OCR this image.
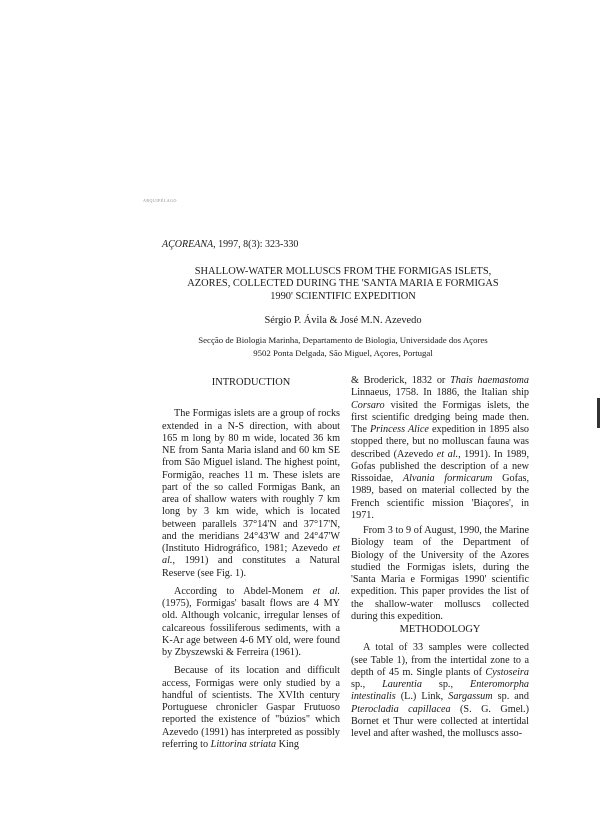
ARQUIPÉLAGO
AÇOREANA, 1997, 8(3): 323-330
SHALLOW-WATER MOLLUSCS FROM THE FORMIGAS ISLETS,
AZORES, COLLECTED DURING THE 'SANTA MARIA E FORMIGAS
1990' SCIENTIFIC EXPEDITION
Sérgio P. Ávila & José M.N. Azevedo
Secção de Biologia Marinha, Departamento de Biologia, Universidade dos Açores
9502 Ponta Delgada, São Miguel, Açores, Portugal
INTRODUCTION

The Formigas islets are a group of rocks extended in a N-S direction, with about 165 m long by 80 m wide, located 36 km NE from Santa Maria island and 60 km SE from São Miguel island. The highest point, Formigão, reaches 11 m. These islets are part of the so called Formigas Bank, an area of shallow waters with roughly 7 km long by 3 km wide, which is located between parallels 37°14'N and 37°17'N, and the meridians 24°43'W and 24°47'W (Instituto Hidrográfico, 1981; Azevedo et al., 1991) and constitutes a Natural Reserve (see Fig. 1).

According to Abdel-Monem et al. (1975), Formigas' basalt flows are 4 MY old. Although volcanic, irregular lenses of calcareous fossiliferous sediments, with a K-Ar age between 4-6 MY old, were found by Zbyszewski & Ferreira (1961).

Because of its location and difficult access, Formigas were only studied by a handful of scientists. The XVIth century Portuguese chronicler Gaspar Frutuoso reported the existence of "búzios" which Azevedo (1991) has interpreted as possibly referring to Littorina striata King

& Broderick, 1832 or Thais haemastoma Linnaeus, 1758. In 1886, the Italian ship Corsaro visited the Formigas islets, the first scientific dredging being made then. The Princess Alice expedition in 1895 also stopped there, but no molluscan fauna was described (Azevedo et al., 1991). In 1989, Gofas published the description of a new Rissoidae, Alvania formicarum Gofas, 1989, based on material collected by the French scientific mission 'Biaçores', in 1971.

From 3 to 9 of August, 1990, the Marine Biology team of the Department of Biology of the University of the Azores studied the Formigas islets, during the 'Santa Maria e Formigas 1990' scientific expedition. This paper provides the list of the shallow-water molluscs collected during this expedition.

METHODOLOGY

A total of 33 samples were collected (see Table 1), from the intertidal zone to a depth of 45 m. Single plants of Cystoseira sp., Laurentia sp., Enteromorpha intestinalis (L.) Link, Sargassum sp. and Pterocladia capillacea (S. G. Gmel.) Bornet et Thur were collected at intertidal level and after washed, the molluscs asso-
